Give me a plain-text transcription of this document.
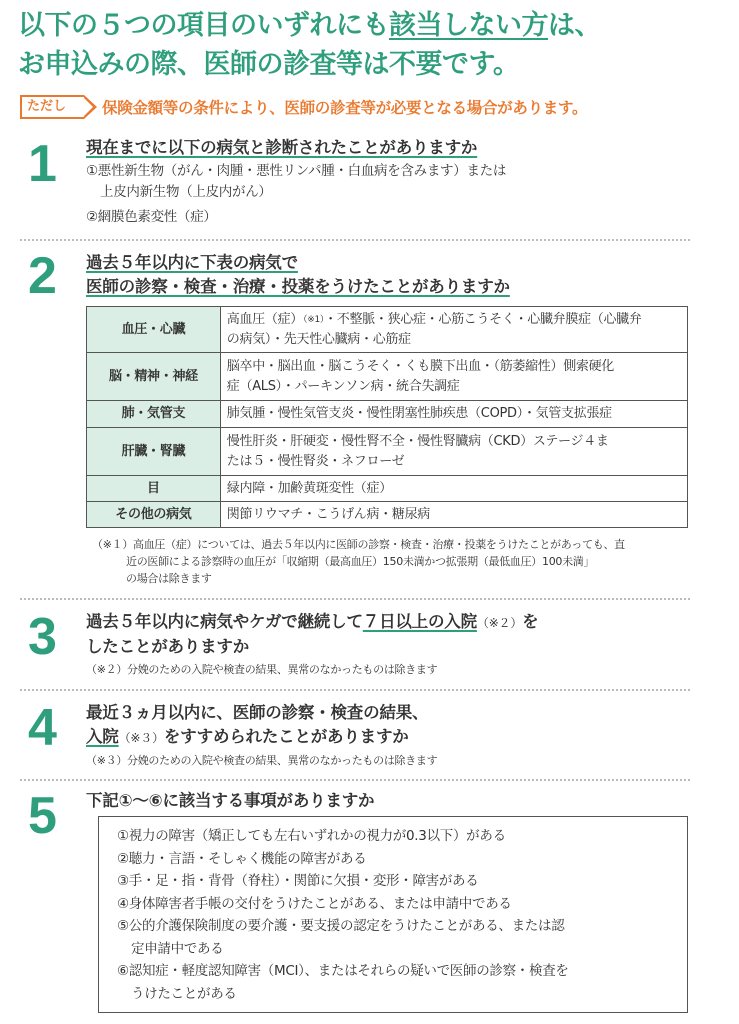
以下の５つの項目のいずれにも該当しない方は、
お申込みの際、医師の診査等は不要です。
ただし	保険金額等の条件により、医師の診査等が必要となる場合があります。
1 現在までに以下の病気と診断されたことがありますか
①悪性新生物（がん・肉腫・悪性リンパ腫・白血病を含みます）または
上皮内新生物（上皮内がん）
②網膜色素変性（症）
2 過去５年以内に下表の病気で
医師の診察・検査・治療・投薬をうけたことがありますか
血圧・心臓	高血圧（症）$^{(※1)}$・不整脈・狭心症・心筋こうそく・心臓弁膜症（心臓弁
の病気）・先天性心臓病・心筋症
脳・精神・神経	脳卒中・脳出血・脳こうそく・くも膜下出血・（筋萎縮性）側索硬化
症（ALS）・パーキンソン病・統合失調症
肺・気管支	肺気腫・慢性気管支炎・慢性閉塞性肺疾患（COPD）・気管支拡張症
肝臓・腎臓	慢性肝炎・肝硬変・慢性腎不全・慢性腎臓病（CKD）ステージ４ま
たは５・慢性腎炎・ネフローゼ
目	緑内障・加齢黄斑変性（症）
その他の病気	関節リウマチ・こうげん病・糖尿病
（※１）高血圧（症）については、過去５年以内に医師の診察・検査・治療・投薬をうけたことがあっても、直
近の医師による診察時の血圧が「収縮期（最高血圧）150未満かつ拡張期（最低血圧）100未満」
の場合は除きます
3 過去５年以内に病気やケガで継続して７日以上の入院（※２）を
したことがありますか
（※２）分娩のための入院や検査の結果、異常のなかったものは除きます
4 最近３ヵ月以内に、医師の診察・検査の結果、
入院（※３）をすすめられたことがありますか
（※３）分娩のための入院や検査の結果、異常のなかったものは除きます
5 下記①〜⑥に該当する事項がありますか
①視力の障害（矯正しても左右いずれかの視力が0.3以下）がある
②聴力・言語・そしゃく機能の障害がある
③手・足・指・背骨（脊柱）・関節に欠損・変形・障害がある
④身体障害者手帳の交付をうけたことがある、または申請中である
⑤公的介護保険制度の要介護・要支援の認定をうけたことがある、または認
定申請中である
⑥認知症・軽度認知障害（MCI）、またはそれらの疑いで医師の診察・検査を
うけたことがある
